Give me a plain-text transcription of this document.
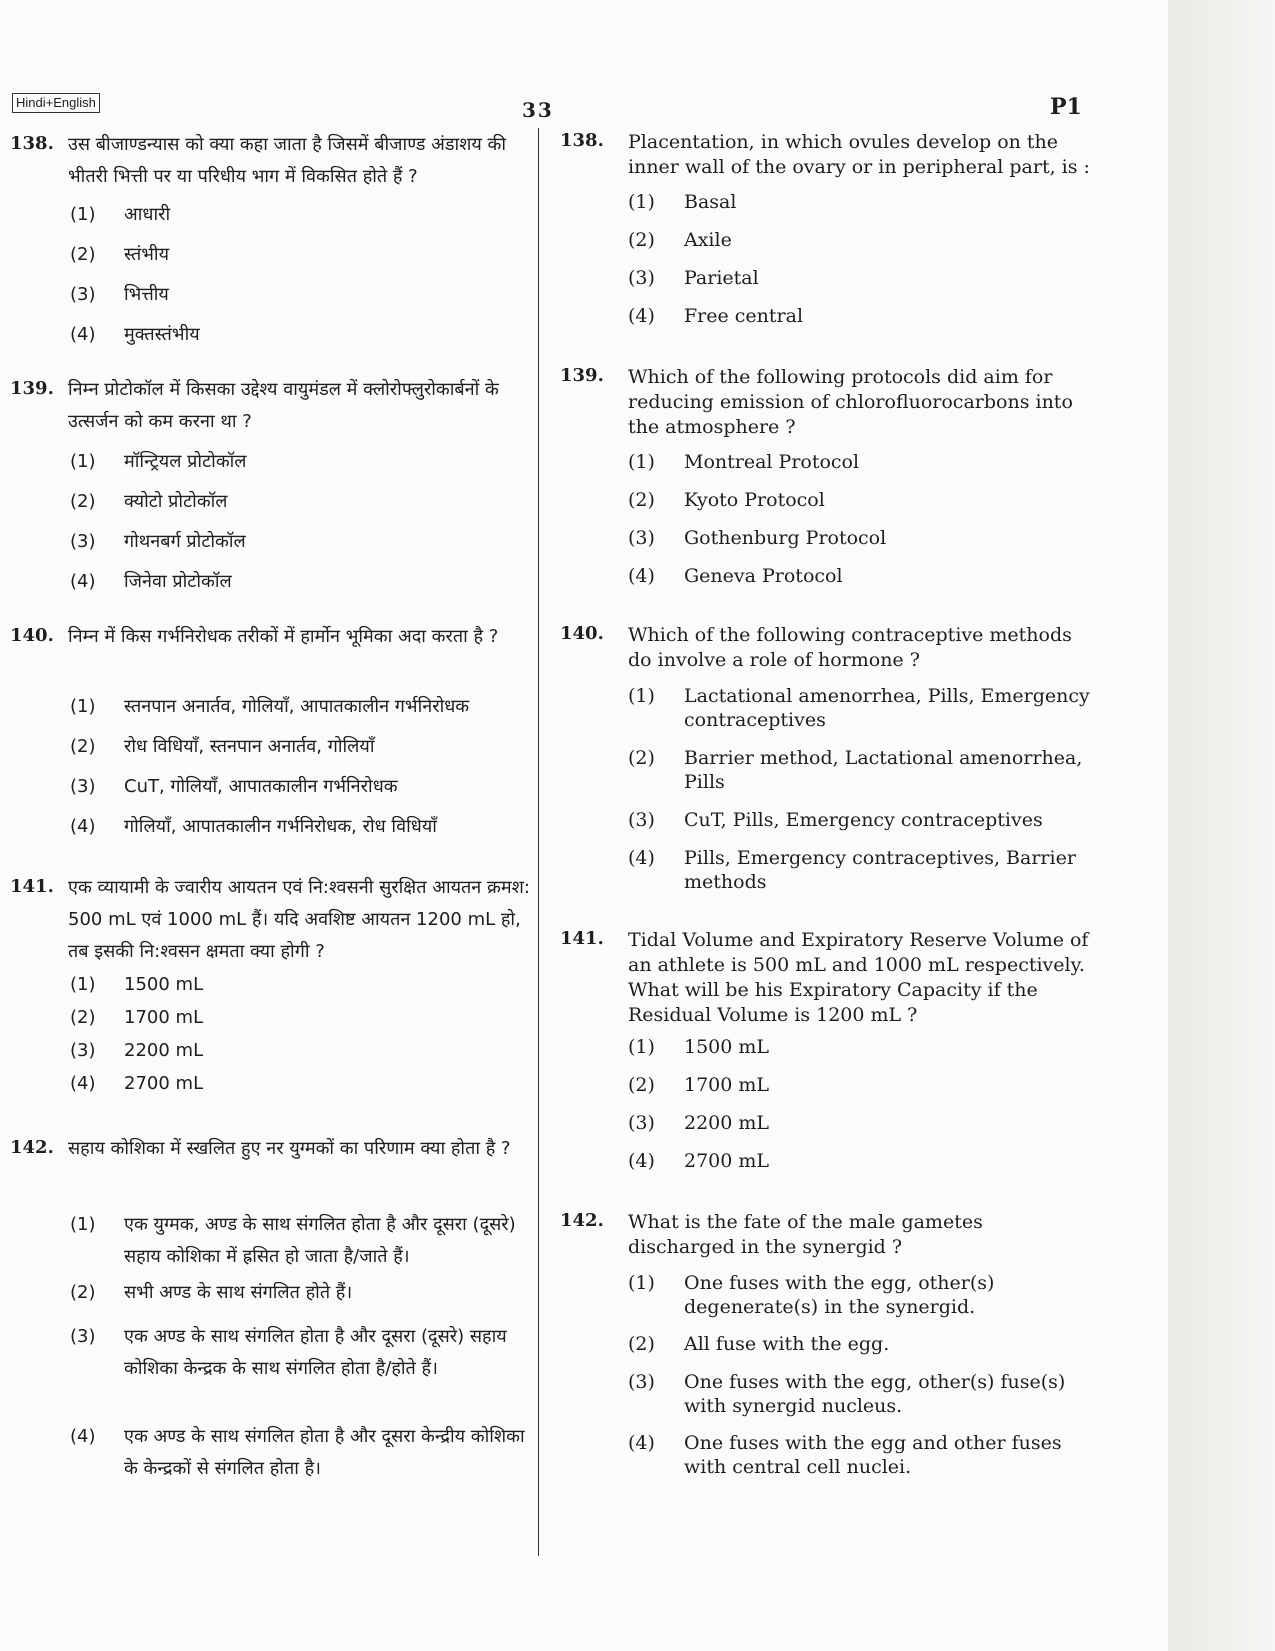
Hindi+English	33	P1
138. उस बीजाण्डन्यास को क्या कहा जाता है जिसमें बीजाण्ड अंडाशय की भीतरी भित्ती पर या परिधीय भाग में विकसित होते हैं ?
(1) आधारी
(2) स्तंभीय
(3) भित्तीय
(4) मुक्तस्तंभीय
139. निम्न प्रोटोकॉल में किसका उद्देश्य वायुमंडल में क्लोरोफ्लुरोकार्बनों के उत्सर्जन को कम करना था ?
(1) मॉन्ट्रियल प्रोटोकॉल
(2) क्योटो प्रोटोकॉल
(3) गोथनबर्ग प्रोटोकॉल
(4) जिनेवा प्रोटोकॉल
140. निम्न में किस गर्भनिरोधक तरीकों में हार्मोन भूमिका अदा करता है ?
(1) स्तनपान अनार्तव, गोलियाँ, आपातकालीन गर्भनिरोधक
(2) रोध विधियाँ, स्तनपान अनार्तव, गोलियाँ
(3) CuT, गोलियाँ, आपातकालीन गर्भनिरोधक
(4) गोलियाँ, आपातकालीन गर्भनिरोधक, रोध विधियाँ
141. एक व्यायामी के ज्वारीय आयतन एवं नि:श्वसनी सुरक्षित आयतन क्रमश: 500 mL एवं 1000 mL हैं। यदि अवशिष्ट आयतन 1200 mL हो, तब इसकी नि:श्वसन क्षमता क्या होगी ?
(1) 1500 mL
(2) 1700 mL
(3) 2200 mL
(4) 2700 mL
142. सहाय कोशिका में स्खलित हुए नर युग्मकों का परिणाम क्या होता है ?
(1) एक युग्मक, अण्ड के साथ संगलित होता है और दूसरा (दूसरे) सहाय कोशिका में ह्रसित हो जाता है/जाते हैं।
(2) सभी अण्ड के साथ संगलित होते हैं।
(3) एक अण्ड के साथ संगलित होता है और दूसरा (दूसरे) सहाय कोशिका केन्द्रक के साथ संगलित होता है/होते हैं।
(4) एक अण्ड के साथ संगलित होता है और दूसरा केन्द्रीय कोशिका के केन्द्रकों से संगलित होता है।
138. Placentation, in which ovules develop on the inner wall of the ovary or in peripheral part, is :
(1) Basal
(2) Axile
(3) Parietal
(4) Free central
139. Which of the following protocols did aim for reducing emission of chlorofluorocarbons into the atmosphere ?
(1) Montreal Protocol
(2) Kyoto Protocol
(3) Gothenburg Protocol
(4) Geneva Protocol
140. Which of the following contraceptive methods do involve a role of hormone ?
(1) Lactational amenorrhea, Pills, Emergency contraceptives
(2) Barrier method, Lactational amenorrhea, Pills
(3) CuT, Pills, Emergency contraceptives
(4) Pills, Emergency contraceptives, Barrier methods
141. Tidal Volume and Expiratory Reserve Volume of an athlete is 500 mL and 1000 mL respectively. What will be his Expiratory Capacity if the Residual Volume is 1200 mL ?
(1) 1500 mL
(2) 1700 mL
(3) 2200 mL
(4) 2700 mL
142. What is the fate of the male gametes discharged in the synergid ?
(1) One fuses with the egg, other(s) degenerate(s) in the synergid.
(2) All fuse with the egg.
(3) One fuses with the egg, other(s) fuse(s) with synergid nucleus.
(4) One fuses with the egg and other fuses with central cell nuclei.
